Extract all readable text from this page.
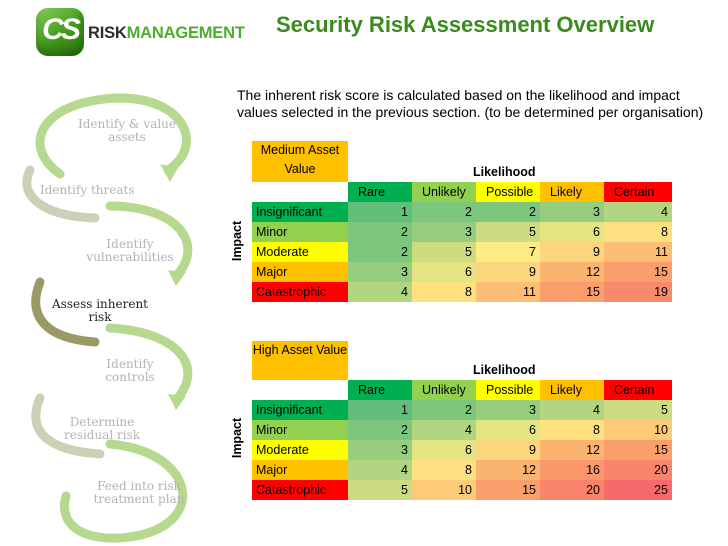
CS RISKMANAGEMENT Security Risk Assessment Overview

The inherent risk score is calculated based on the likelihood and impact values selected in the previous section. (to be determined per organisation)

Identify & value assets
Identify threats
Identify vulnerabilities
Assess inherent risk
Identify controls
Determine residual risk
Feed into risk treatment plan
Medium Asset Value	Likelihood
Impact
	Rare	Unlikely	Possible	Likely	Certain
Insignificant	1	2	2	3	4
Minor	2	3	5	6	8
Moderate	2	5	7	9	11
Major	3	6	9	12	15
Catastrophic	4	8	11	15	19
High Asset Value
Likelihood
Impact
	Rare	Unlikely	Possible	Likely	Certain
Insignificant	1	2	3	4	5
Minor	2	4	6	8	10
Moderate	3	6	9	12	15
Major	4	8	12	16	20
Catastrophic	5	10	15	20	25
